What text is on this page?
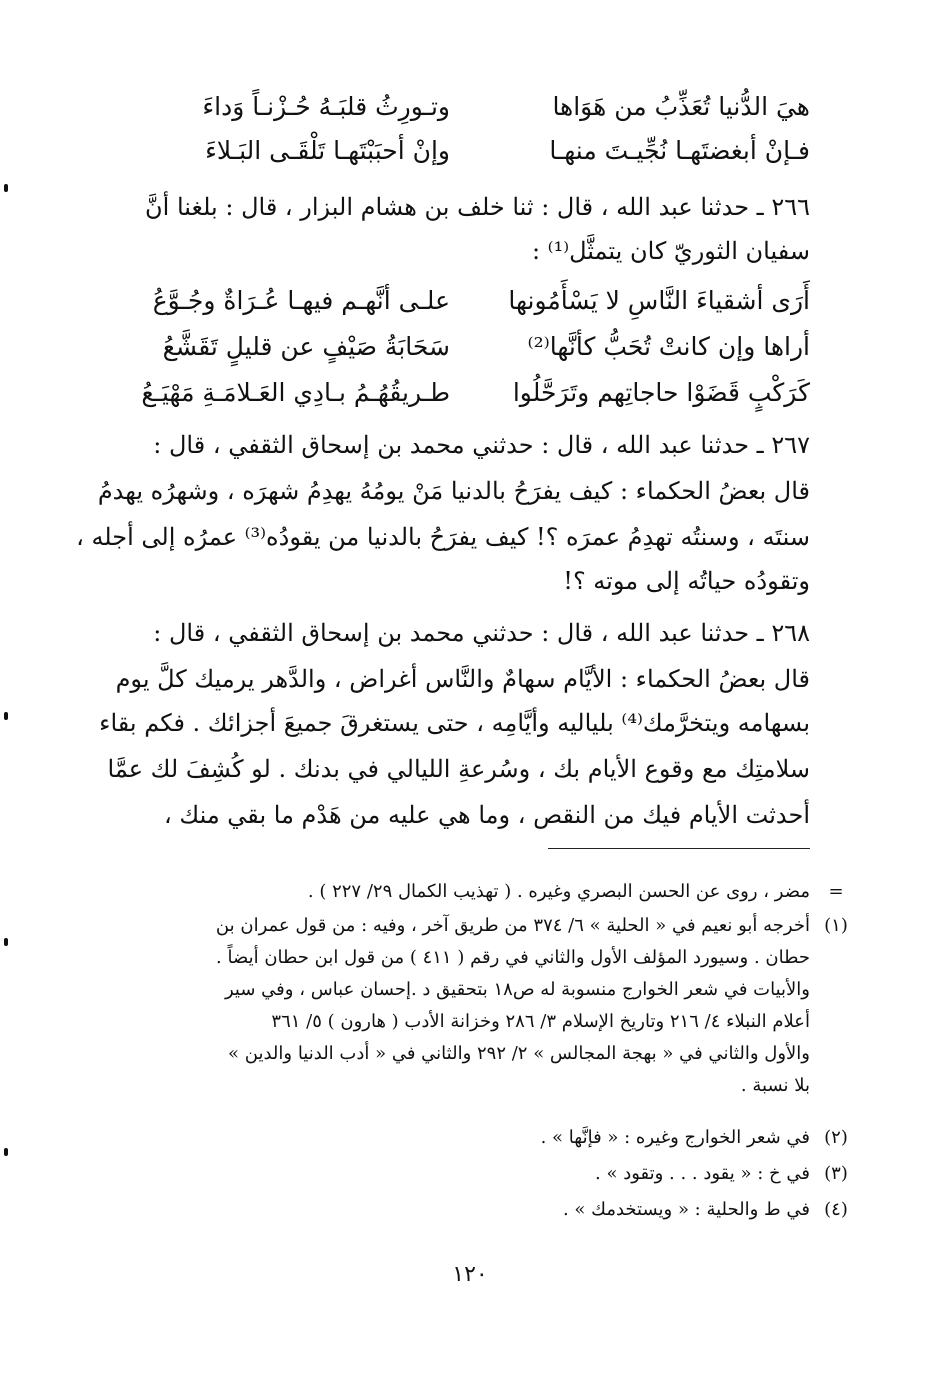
هيَ الدُّنيا تُعَذِّبُ من هَوَاها
وتـورِثُ قلبَـهُ حُـزْنـاً وَداءَ
فـإنْ أبغضتَهـا نُجِّيـتَ منهـا
وإنْ أحبَبْتَهـا تَلْقَـى البَـلاءَ
٢٦٦ ـ حدثنا عبد الله ، قال : ثنا خلف بن هشام البزار ، قال : بلغنا أنَّ
سفيان الثوريّ كان يتمثَّل⁽¹⁾ :
أَرَى أشقياءَ النَّاسِ لا يَسْأَمُونها
علـى أنَّهـم فيهـا عُـرَاةٌ وجُـوَّعُ
أراها وإن كانتْ تُحَبُّ كأنَّها⁽²⁾
سَحَابَةُ صَيْفٍ عن قليلٍ تَقَشَّعُ
كَرَكْبٍ قَضَوْا حاجاتِهم وتَرَحَّلُوا
طـريقُهُـمُ بـادِي العَـلامَـةِ مَهْيَـعُ
٢٦٧ ـ حدثنا عبد الله ، قال : حدثني محمد بن إسحاق الثقفي ، قال :
قال بعضُ الحكماء : كيف يفرَحُ بالدنيا مَنْ يومُهُ يهدِمُ شهرَه ، وشهرُه يهدمُ
سنتَه ، وسنتُه تهدِمُ عمرَه ؟! كيف يفرَحُ بالدنيا من يقودُه⁽³⁾ عمرُه إلى أجله ،
وتقودُه حياتُه إلى موته ؟!
٢٦٨ ـ حدثنا عبد الله ، قال : حدثني محمد بن إسحاق الثقفي ، قال :
قال بعضُ الحكماء : الأيَّام سهامٌ والنَّاس أغراض ، والدَّهر يرميك كلَّ يوم
بسهامه ويتخرَّمك⁽⁴⁾ بلياليه وأيَّامِه ، حتى يستغرقَ جميعَ أجزائك . فكم بقاء
سلامتِك مع وقوع الأيام بك ، وسُرعةِ الليالي في بدنك . لو كُشِفَ لك عمَّا
أحدثت الأيام فيك من النقص ، وما هي عليه من هَدْم ما بقي منك ،
=
مضر ، روى عن الحسن البصري وغيره . ( تهذيب الكمال ٢٩/ ٢٢٧ ) .
(١)
أخرجه أبو نعيم في « الحلية » ٦/ ٣٧٤ من طريق آخر ، وفيه : من قول عمران بن
حطان . وسيورد المؤلف الأول والثاني في رقم ( ٤١١ ) من قول ابن حطان أيضاً .
والأبيات في شعر الخوارج منسوبة له ص١٨ بتحقيق د .إحسان عباس ، وفي سير
أعلام النبلاء ٤/ ٢١٦ وتاريخ الإسلام ٣/ ٢٨٦ وخزانة الأدب ( هارون ) ٥/ ٣٦١
والأول والثاني في « بهجة المجالس » ٢/ ٢٩٢ والثاني في « أدب الدنيا والدين »
بلا نسبة .
(٢)
في شعر الخوارج وغيره : « فإنَّها » .
(٣)
في خ : « يقود . . . وتقود » .
(٤)
في ط والحلية : « ويستخدمك » .
١٢٠
